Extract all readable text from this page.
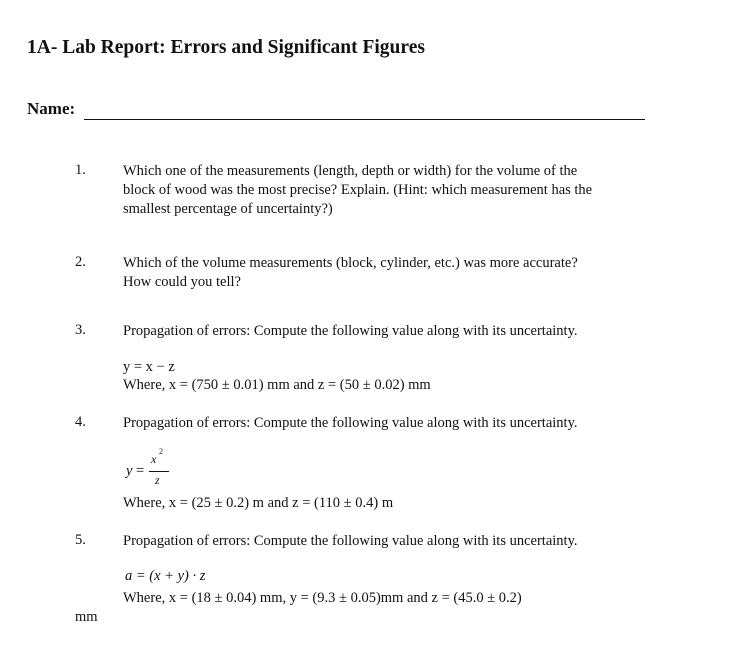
1A- Lab Report: Errors and Significant Figures
Name:
1.	Which one of the measurements (length, depth or width) for the volume of the
block of wood was the most precise? Explain. (Hint: which measurement has the
smallest percentage of uncertainty?)
2.	Which of the volume measurements (block, cylinder, etc.) was more accurate?
How could you tell?
3.	Propagation of errors: Compute the following value along with its uncertainty.
y = x − z
Where, x = (750 ± 0.01) mm and z = (50 ± 0.02) mm
4.	Propagation of errors: Compute the following value along with its uncertainty.
y =
x
2
z
Where, x = (25 ± 0.2) m and z = (110 ± 0.4) m
5.	Propagation of errors: Compute the following value along with its uncertainty.
a = (x + y) · z
Where, x = (18 ± 0.04) mm, y = (9.3 ± 0.05)mm and z = (45.0 ± 0.2)
mm
